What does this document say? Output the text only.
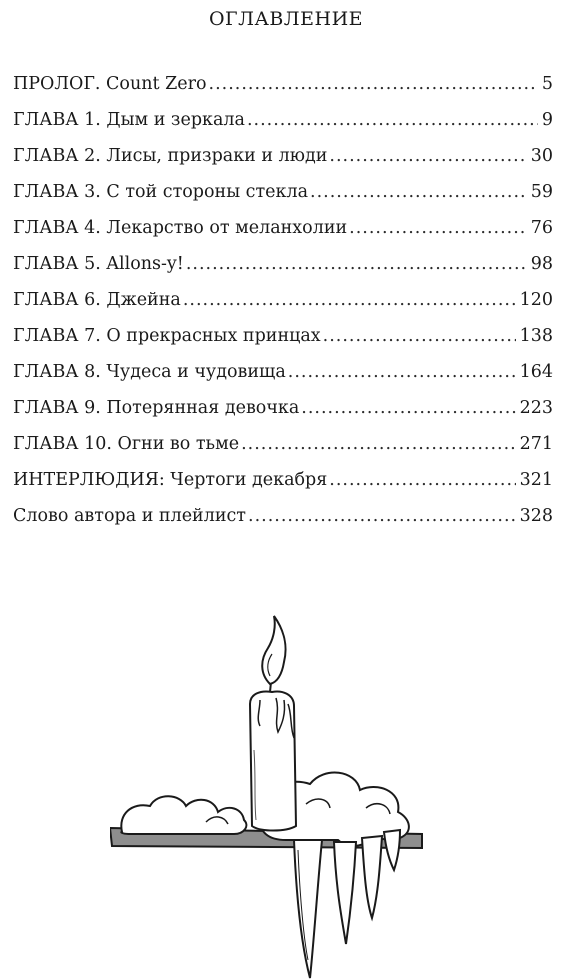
ОГЛАВЛЕНИЕ
ПРОЛОГ. Count Zero .....	5
ГЛАВА 1. Дым и зеркала .....	9
ГЛАВА 2. Лисы, призраки и люди .....	30
ГЛАВА 3. С той стороны стекла .....	59
ГЛАВА 4. Лекарство от меланхолии .....	76
ГЛАВА 5. Allons-y! .....	98
ГЛАВА 6. Джейна .....	120
ГЛАВА 7. О прекрасных принцах .....	138
ГЛАВА 8. Чудеса и чудовища .....	164
ГЛАВА 9. Потерянная девочка .....	223
ГЛАВА 10. Огни во тьме .....	271
ИНТЕРЛЮДИЯ: Чертоги декабря .....	321
Слово автора и плейлист .....	328
